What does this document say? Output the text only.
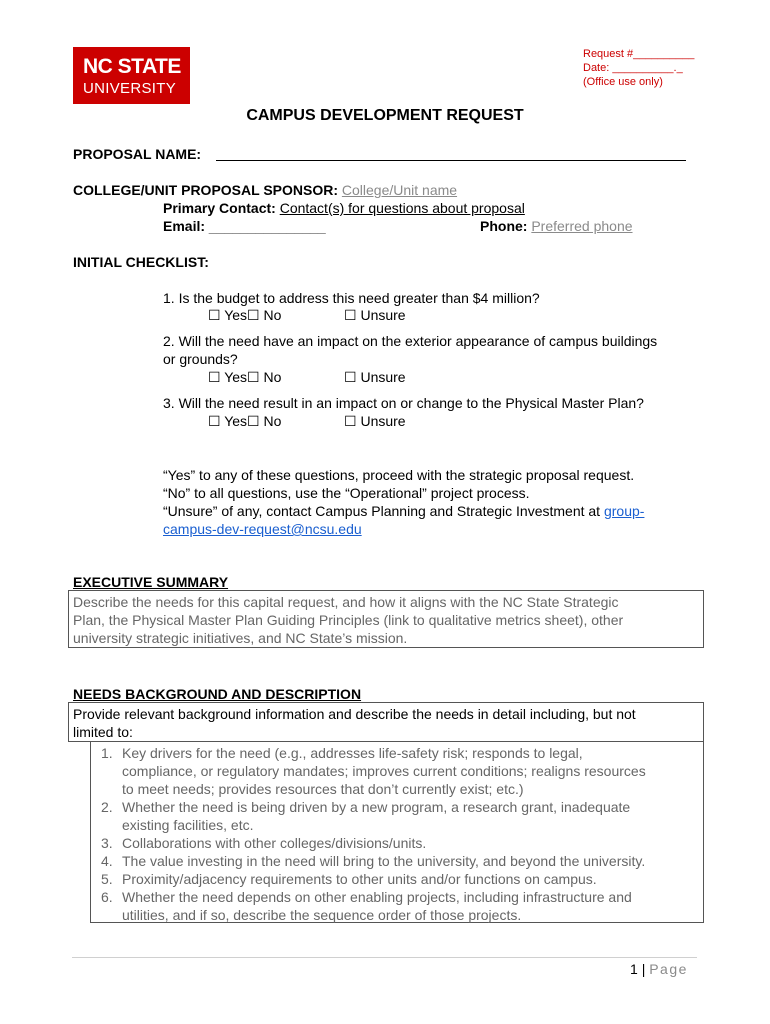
NC STATE
UNIVERSITY
Request #__________
Date: __________._
(Office use only)
CAMPUS DEVELOPMENT REQUEST
PROPOSAL NAME:
COLLEGE/UNIT PROPOSAL SPONSOR: College/Unit name
Primary Contact: Contact(s) for questions about proposal
Email: _______________	Phone: Preferred phone
INITIAL CHECKLIST:
1. Is the budget to address this need greater than $4 million?
☐ Yes☐ No	☐ Unsure
2. Will the need have an impact on the exterior appearance of campus buildings
or grounds?
☐ Yes☐ No	☐ Unsure
3. Will the need result in an impact on or change to the Physical Master Plan?
☐ Yes☐ No	☐ Unsure
“Yes” to any of these questions, proceed with the strategic proposal request.
“No” to all questions, use the “Operational” project process.
“Unsure” of any, contact Campus Planning and Strategic Investment at group-
campus-dev-request@ncsu.edu
EXECUTIVE SUMMARY
Describe the needs for this capital request, and how it aligns with the NC State Strategic
Plan, the Physical Master Plan Guiding Principles (link to qualitative metrics sheet), other
university strategic initiatives, and NC State’s mission.
NEEDS BACKGROUND AND DESCRIPTION
Provide relevant background information and describe the needs in detail including, but not
limited to:
1. Key drivers for the need (e.g., addresses life-safety risk; responds to legal,
compliance, or regulatory mandates; improves current conditions; realigns resources
to meet needs; provides resources that don’t currently exist; etc.)
2. Whether the need is being driven by a new program, a research grant, inadequate
existing facilities, etc.
3. Collaborations with other colleges/divisions/units.
4. The value investing in the need will bring to the university, and beyond the university.
5. Proximity/adjacency requirements to other units and/or functions on campus.
6. Whether the need depends on other enabling projects, including infrastructure and
utilities, and if so, describe the sequence order of those projects.
1 | Page
